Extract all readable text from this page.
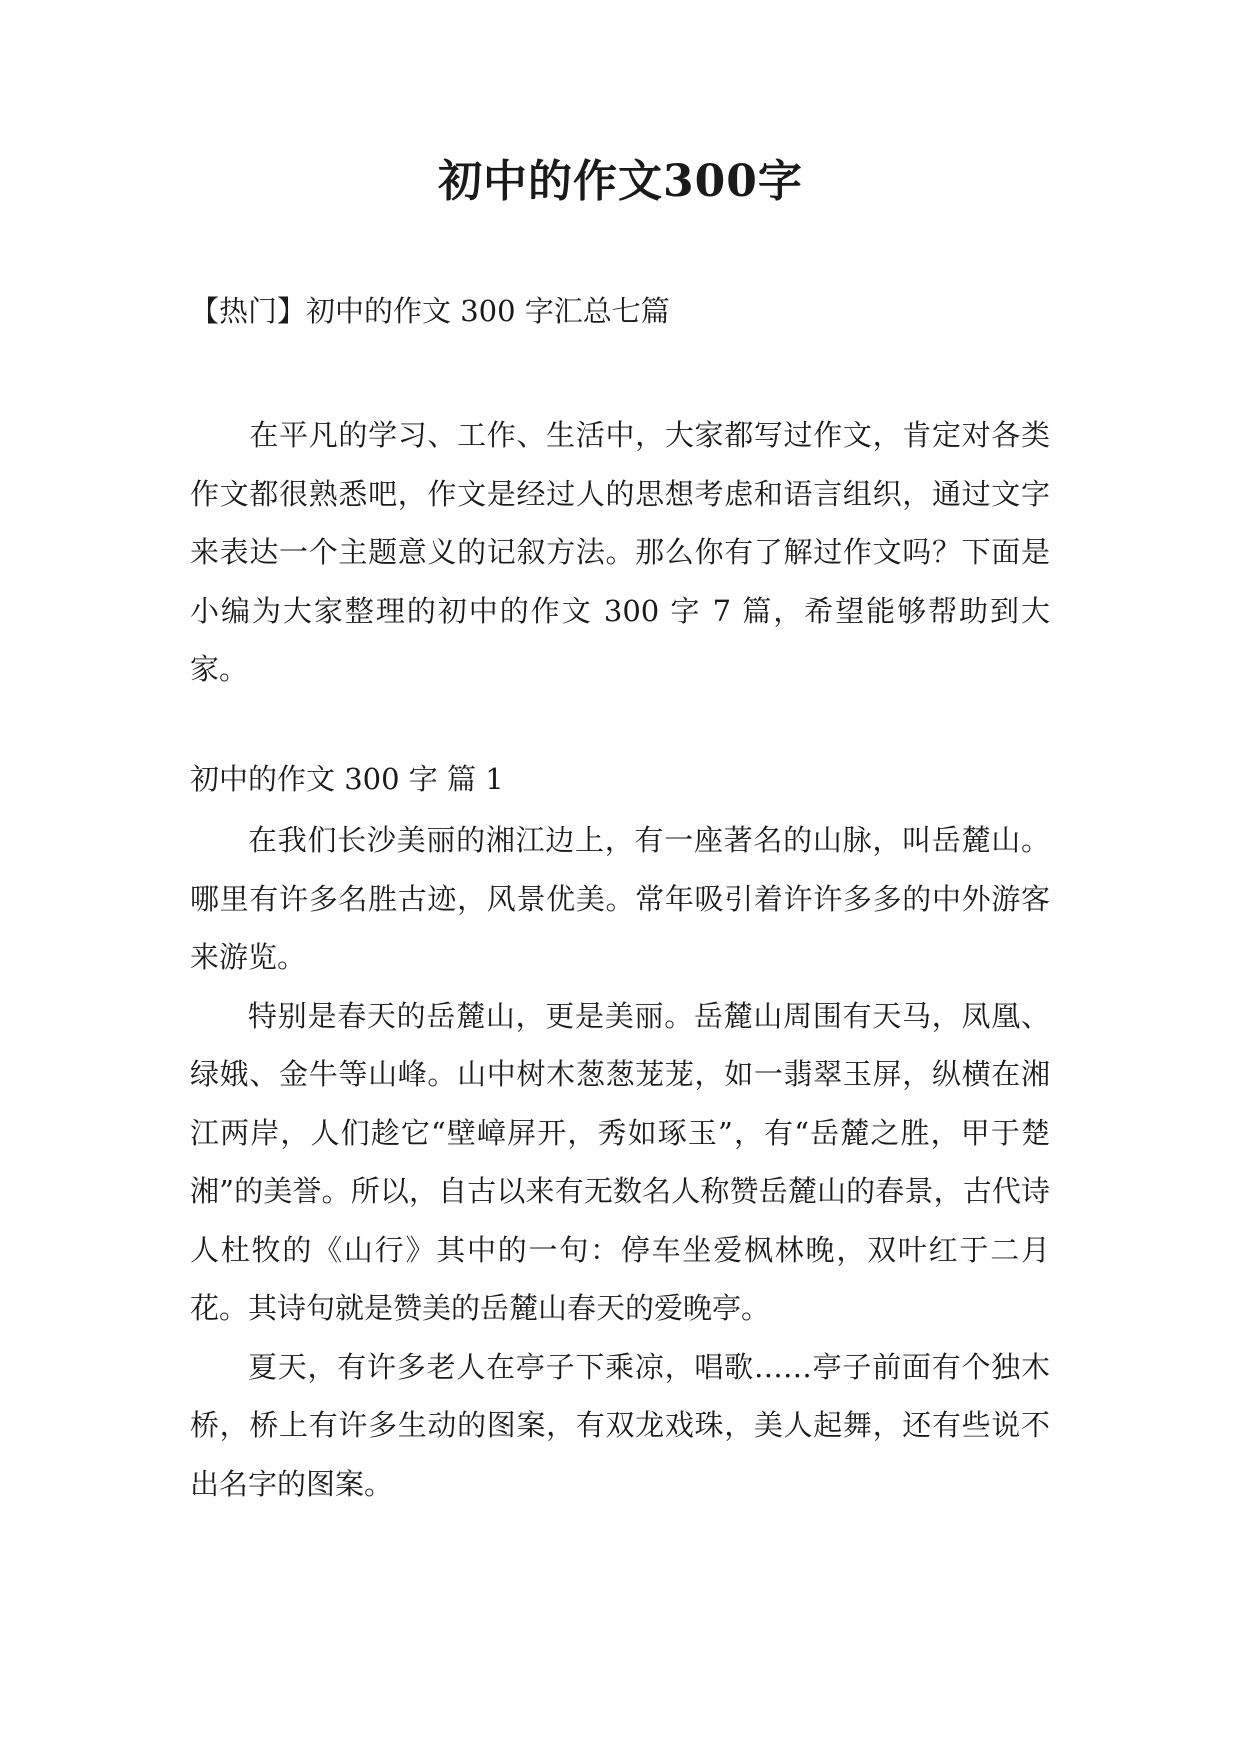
初中的作文300字

【热门】初中的作文 300 字汇总七篇

　　在平凡的学习、工作、生活中，大家都写过作文，肯定对各类作文都很熟悉吧，作文是经过人的思想考虑和语言组织，通过文字来表达一个主题意义的记叙方法。那么你有了解过作文吗？下面是小编为大家整理的初中的作文 300 字 7 篇，希望能够帮助到大家。

初中的作文 300 字 篇 1

在我们长沙美丽的湘江边上，有一座著名的山脉，叫岳麓山。哪里有许多名胜古迹，风景优美。常年吸引着许许多多的中外游客来游览。

特别是春天的岳麓山，更是美丽。岳麓山周围有天马，凤凰、绿娥、金牛等山峰。山中树木葱葱茏茏，如一翡翠玉屏，纵横在湘江两岸，人们趁它“壁嶂屏开，秀如琢玉”，有“岳麓之胜，甲于楚湘”的美誉。所以，自古以来有无数名人称赞岳麓山的春景，古代诗人杜牧的《山行》其中的一句：停车坐爱枫林晚，双叶红于二月花。其诗句就是赞美的岳麓山春天的爱晚亭。

夏天，有许多老人在亭子下乘凉，唱歌……亭子前面有个独木桥，桥上有许多生动的图案，有双龙戏珠，美人起舞，还有些说不出名字的图案。
